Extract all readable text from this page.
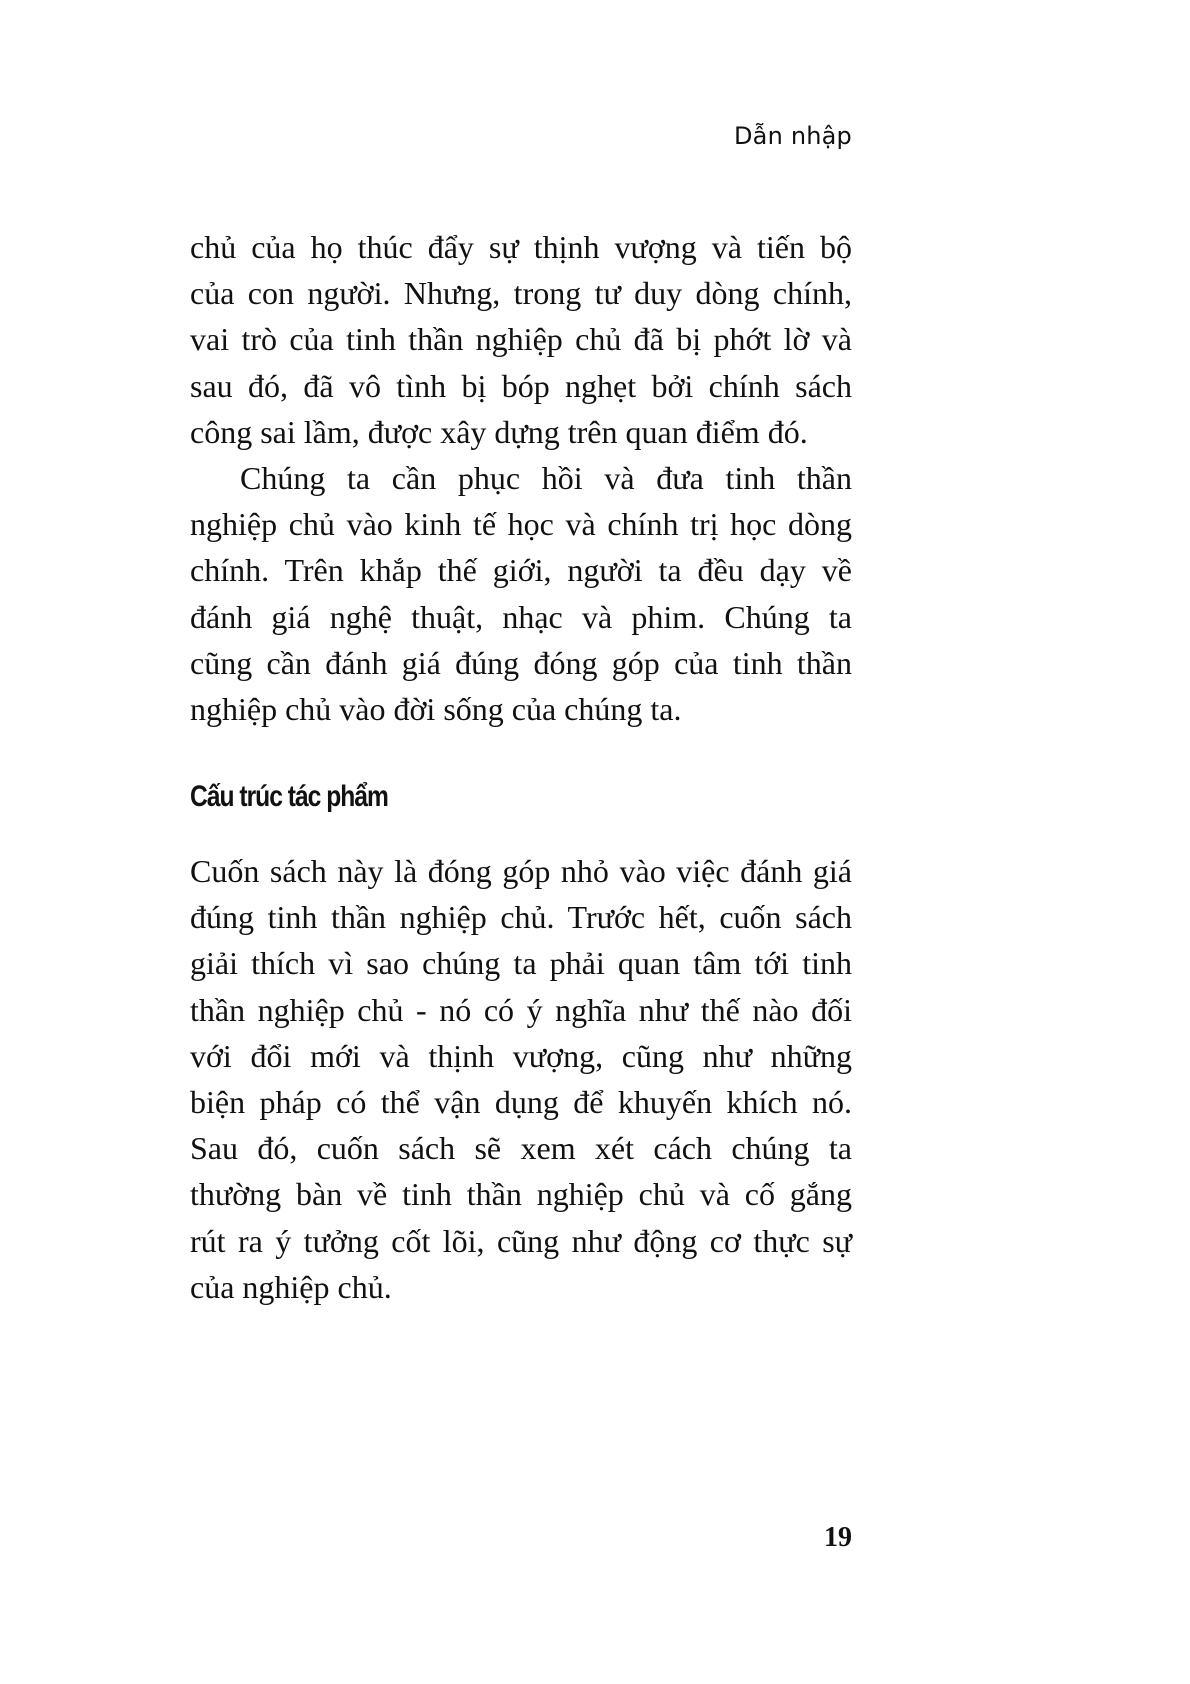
Dẫn nhập
chủ của họ thúc đẩy sự thịnh vượng và tiến bộ
của con người. Nhưng, trong tư duy dòng chính,
vai trò của tinh thần nghiệp chủ đã bị phớt lờ và
sau đó, đã vô tình bị bóp nghẹt bởi chính sách
công sai lầm, được xây dựng trên quan điểm đó.
Chúng ta cần phục hồi và đưa tinh thần
nghiệp chủ vào kinh tế học và chính trị học dòng
chính. Trên khắp thế giới, người ta đều dạy về
đánh giá nghệ thuật, nhạc và phim. Chúng ta
cũng cần đánh giá đúng đóng góp của tinh thần
nghiệp chủ vào đời sống của chúng ta.
Cấu trúc tác phẩm
Cuốn sách này là đóng góp nhỏ vào việc đánh giá
đúng tinh thần nghiệp chủ. Trước hết, cuốn sách
giải thích vì sao chúng ta phải quan tâm tới tinh
thần nghiệp chủ - nó có ý nghĩa như thế nào đối
với đổi mới và thịnh vượng, cũng như những
biện pháp có thể vận dụng để khuyến khích nó.
Sau đó, cuốn sách sẽ xem xét cách chúng ta
thường bàn về tinh thần nghiệp chủ và cố gắng
rút ra ý tưởng cốt lõi, cũng như động cơ thực sự
của nghiệp chủ.
19
